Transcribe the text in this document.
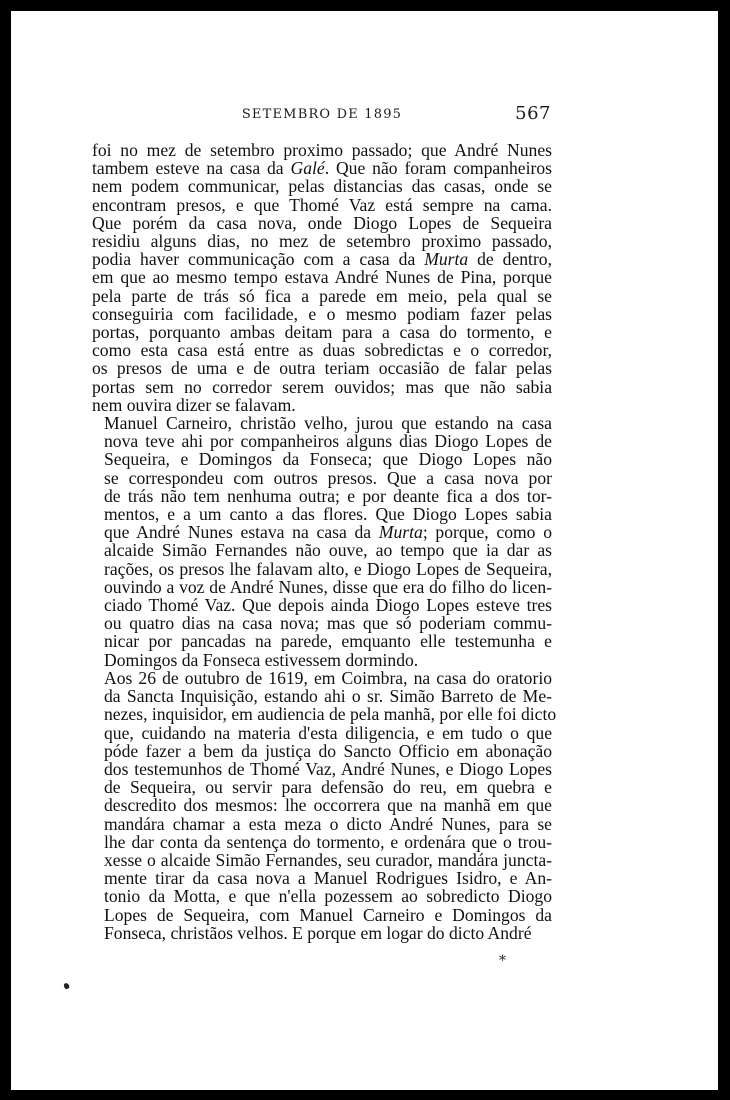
SETEMBRO DE 1895	567
foi no mez de setembro proximo passado; que André Nunes
tambem esteve na casa da Galé. Que não foram companheiros
nem podem communicar, pelas distancias das casas, onde se
encontram presos, e que Thomé Vaz está sempre na cama.
Que porém da casa nova, onde Diogo Lopes de Sequeira
residiu alguns dias, no mez de setembro proximo passado,
podia haver communicação com a casa da Murta de dentro,
em que ao mesmo tempo estava André Nunes de Pina, porque
pela parte de trás só fica a parede em meio, pela qual se
conseguiria com facilidade, e o mesmo podiam fazer pelas
portas, porquanto ambas deitam para a casa do tormento, e
como esta casa está entre as duas sobredictas e o corredor,
os presos de uma e de outra teriam occasião de falar pelas
portas sem no corredor serem ouvidos; mas que não sabia
nem ouvira dizer se falavam.
Manuel Carneiro, christão velho, jurou que estando na casa
nova teve ahi por companheiros alguns dias Diogo Lopes de
Sequeira, e Domingos da Fonseca; que Diogo Lopes não
se correspondeu com outros presos. Que a casa nova por
de trás não tem nenhuma outra; e por deante fica a dos tor-
mentos, e a um canto a das flores. Que Diogo Lopes sabia
que André Nunes estava na casa da Murta; porque, como o
alcaide Simão Fernandes não ouve, ao tempo que ia dar as
rações, os presos lhe falavam alto, e Diogo Lopes de Sequeira,
ouvindo a voz de André Nunes, disse que era do filho do licen-
ciado Thomé Vaz. Que depois ainda Diogo Lopes esteve tres
ou quatro dias na casa nova; mas que só poderiam commu-
nicar por pancadas na parede, emquanto elle testemunha e
Domingos da Fonseca estivessem dormindo.
Aos 26 de outubro de 1619, em Coimbra, na casa do oratorio
da Sancta Inquisição, estando ahi o sr. Simão Barreto de Me-
nezes, inquisidor, em audiencia de pela manhã, por elle foi dicto
que, cuidando na materia d'esta diligencia, e em tudo o que
póde fazer a bem da justiça do Sancto Officio em abonação
dos testemunhos de Thomé Vaz, André Nunes, e Diogo Lopes
de Sequeira, ou servir para defensão do reu, em quebra e
descredito dos mesmos: lhe occorrera que na manhã em que
mandára chamar a esta meza o dicto André Nunes, para se
lhe dar conta da sentença do tormento, e ordenára que o trou-
xesse o alcaide Simão Fernandes, seu curador, mandára juncta-
mente tirar da casa nova a Manuel Rodrigues Isidro, e An-
tonio da Motta, e que n'ella pozessem ao sobredicto Diogo
Lopes de Sequeira, com Manuel Carneiro e Domingos da
Fonseca, christãos velhos. E porque em logar do dicto André
*
